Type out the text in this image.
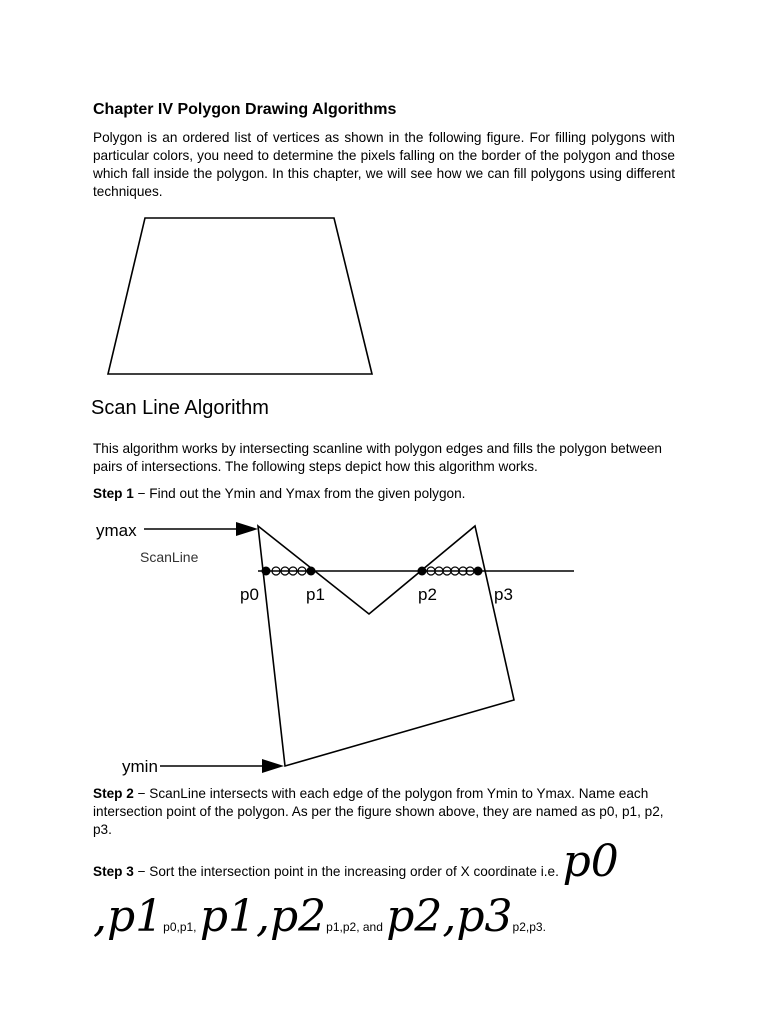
Chapter IV Polygon Drawing Algorithms

Polygon is an ordered list of vertices as shown in the following figure. For filling polygons with particular colors, you need to determine the pixels falling on the border of the polygon and those which fall inside the polygon. In this chapter, we will see how we can fill polygons using different techniques.

Scan Line Algorithm

This algorithm works by intersecting scanline with polygon edges and fills the polygon between pairs of intersections. The following steps depict how this algorithm works.

Step 1 − Find out the Ymin and Ymax from the given polygon.

ymax
ScanLine
p0	p1	p2	p3
ymin

Step 2 − ScanLine intersects with each edge of the polygon from Ymin to Ymax. Name each intersection point of the polygon. As per the figure shown above, they are named as p0, p1, p2, p3.

Step 3 − Sort the intersection point in the increasing order of X coordinate i.e. p0
,p1p0,p1, p1,p2p1,p2, and p2,p3p2,p3.
